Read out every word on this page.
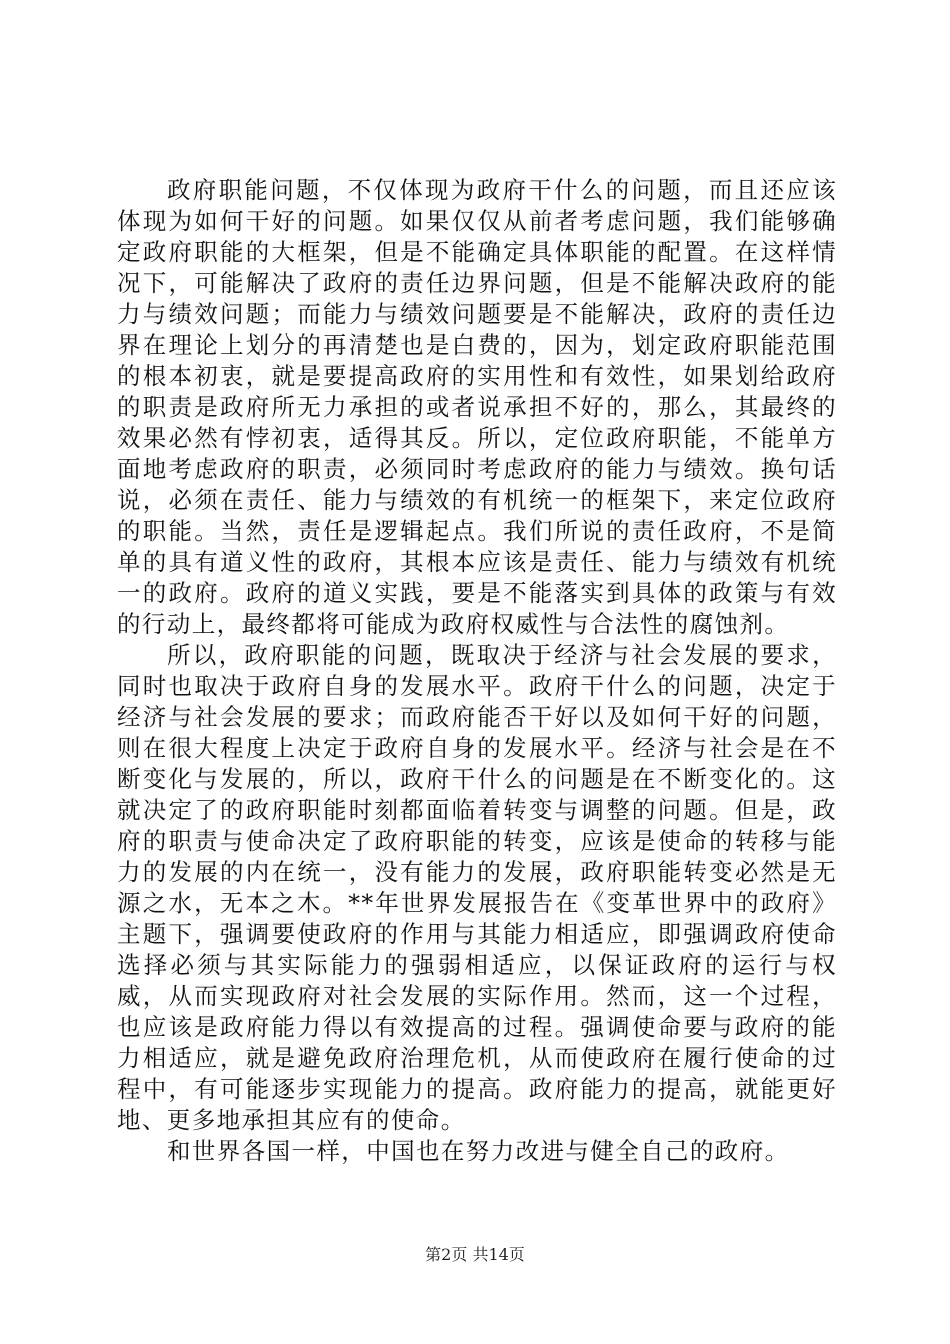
政府职能问题，不仅体现为政府干什么的问题，而且还应该体现为如何干好的问题。如果仅仅从前者考虑问题，我们能够确定政府职能的大框架，但是不能确定具体职能的配置。在这样情况下，可能解决了政府的责任边界问题，但是不能解决政府的能力与绩效问题；而能力与绩效问题要是不能解决，政府的责任边界在理论上划分的再清楚也是白费的，因为，划定政府职能范围的根本初衷，就是要提高政府的实用性和有效性，如果划给政府的职责是政府所无力承担的或者说承担不好的，那么，其最终的效果必然有悖初衷，适得其反。所以，定位政府职能，不能单方面地考虑政府的职责，必须同时考虑政府的能力与绩效。换句话说，必须在责任、能力与绩效的有机统一的框架下，来定位政府的职能。当然，责任是逻辑起点。我们所说的责任政府，不是简单的具有道义性的政府，其根本应该是责任、能力与绩效有机统一的政府。政府的道义实践，要是不能落实到具体的政策与有效的行动上，最终都将可能成为政府权威性与合法性的腐蚀剂。

所以，政府职能的问题，既取决于经济与社会发展的要求，同时也取决于政府自身的发展水平。政府干什么的问题，决定于经济与社会发展的要求；而政府能否干好以及如何干好的问题，则在很大程度上决定于政府自身的发展水平。经济与社会是在不断变化与发展的，所以，政府干什么的问题是在不断变化的。这就决定了的政府职能时刻都面临着转变与调整的问题。但是，政府的职责与使命决定了政府职能的转变，应该是使命的转移与能力的发展的内在统一，没有能力的发展，政府职能转变必然是无源之水，无本之木。**年世界发展报告在《变革世界中的政府》主题下，强调要使政府的作用与其能力相适应，即强调政府使命选择必须与其实际能力的强弱相适应，以保证政府的运行与权威，从而实现政府对社会发展的实际作用。然而，这一个过程，也应该是政府能力得以有效提高的过程。强调使命要与政府的能力相适应，就是避免政府治理危机，从而使政府在履行使命的过程中，有可能逐步实现能力的提高。政府能力的提高，就能更好地、更多地承担其应有的使命。

和世界各国一样，中国也在努力改进与健全自己的政府。

第2页 共14页
